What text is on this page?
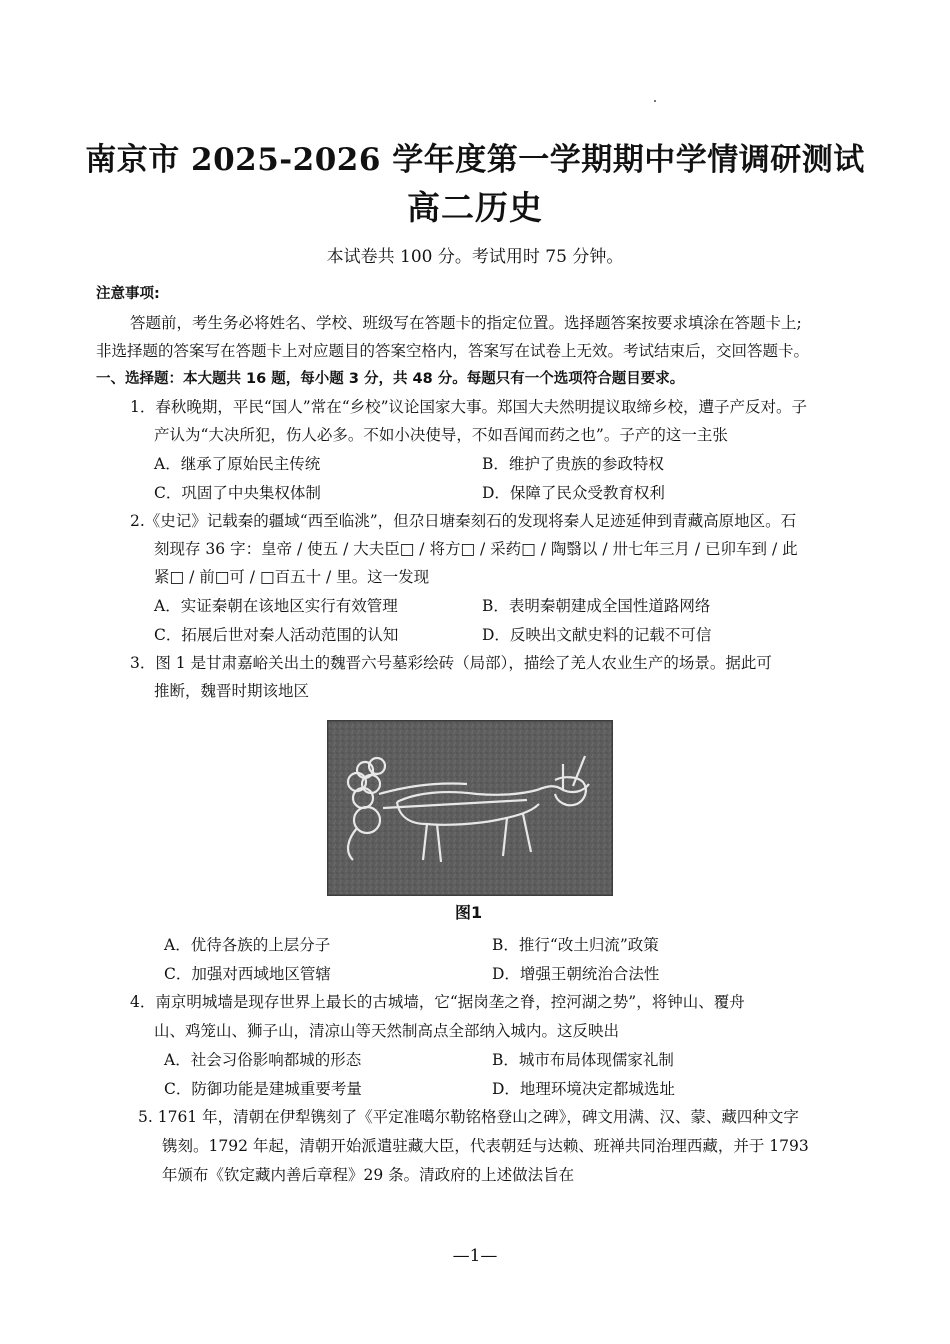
南京市 2025-2026 学年度第一学期期中学情调研测试
高二历史
本试卷共 100 分。考试用时 75 分钟。
注意事项:
答题前，考生务必将姓名、学校、班级写在答题卡的指定位置。选择题答案按要求填涂在答题卡上;
非选择题的答案写在答题卡上对应题目的答案空格内，答案写在试卷上无效。考试结束后，交回答题卡。
一、选择题：本大题共 16 题，每小题 3 分，共 48 分。每题只有一个选项符合题目要求。
1．春秋晚期，平民“国人”常在“乡校”议论国家大事。郑国大夫然明提议取缔乡校，遭子产反对。子
产认为“大决所犯，伤人必多。不如小决使导，不如吾闻而药之也”。子产的这一主张
A．继承了原始民主传统	B．维护了贵族的参政特权
C．巩固了中央集权体制	D．保障了民众受教育权利
2.《史记》记载秦的疆域“西至临洮”，但尕日塘秦刻石的发现将秦人足迹延伸到青藏高原地区。石
刻现存 36 字：皇帝 / 使五 / 大夫臣□ / 将方□ / 采药□ / 陶翳以 / 卅七年三月 / 已卯车到 / 此
紧□ / 前□可 / □百五十 / 里。这一发现
A．实证秦朝在该地区实行有效管理	B．表明秦朝建成全国性道路网络
C．拓展后世对秦人活动范围的认知	D．反映出文献史料的记载不可信
3．图 1 是甘肃嘉峪关出土的魏晋六号墓彩绘砖（局部），描绘了羌人农业生产的场景。据此可
推断，魏晋时期该地区
图1
A．优待各族的上层分子	B．推行“改土归流”政策
C．加强对西域地区管辖	D．增强王朝统治合法性
4．南京明城墙是现存世界上最长的古城墙，它“据岗垄之脊，控河湖之势”，将钟山、覆舟
山、鸡笼山、狮子山，清凉山等天然制高点全部纳入城内。这反映出
A．社会习俗影响都城的形态	B．城市布局体现儒家礼制
C．防御功能是建城重要考量	D．地理环境决定都城选址
5. 1761 年，清朝在伊犁镌刻了《平定准噶尔勒铭格登山之碑》，碑文用满、汉、蒙、藏四种文字
镌刻。1792 年起，清朝开始派遣驻藏大臣，代表朝廷与达赖、班禅共同治理西藏，并于 1793
年颁布《钦定藏内善后章程》29 条。清政府的上述做法旨在
—1—
